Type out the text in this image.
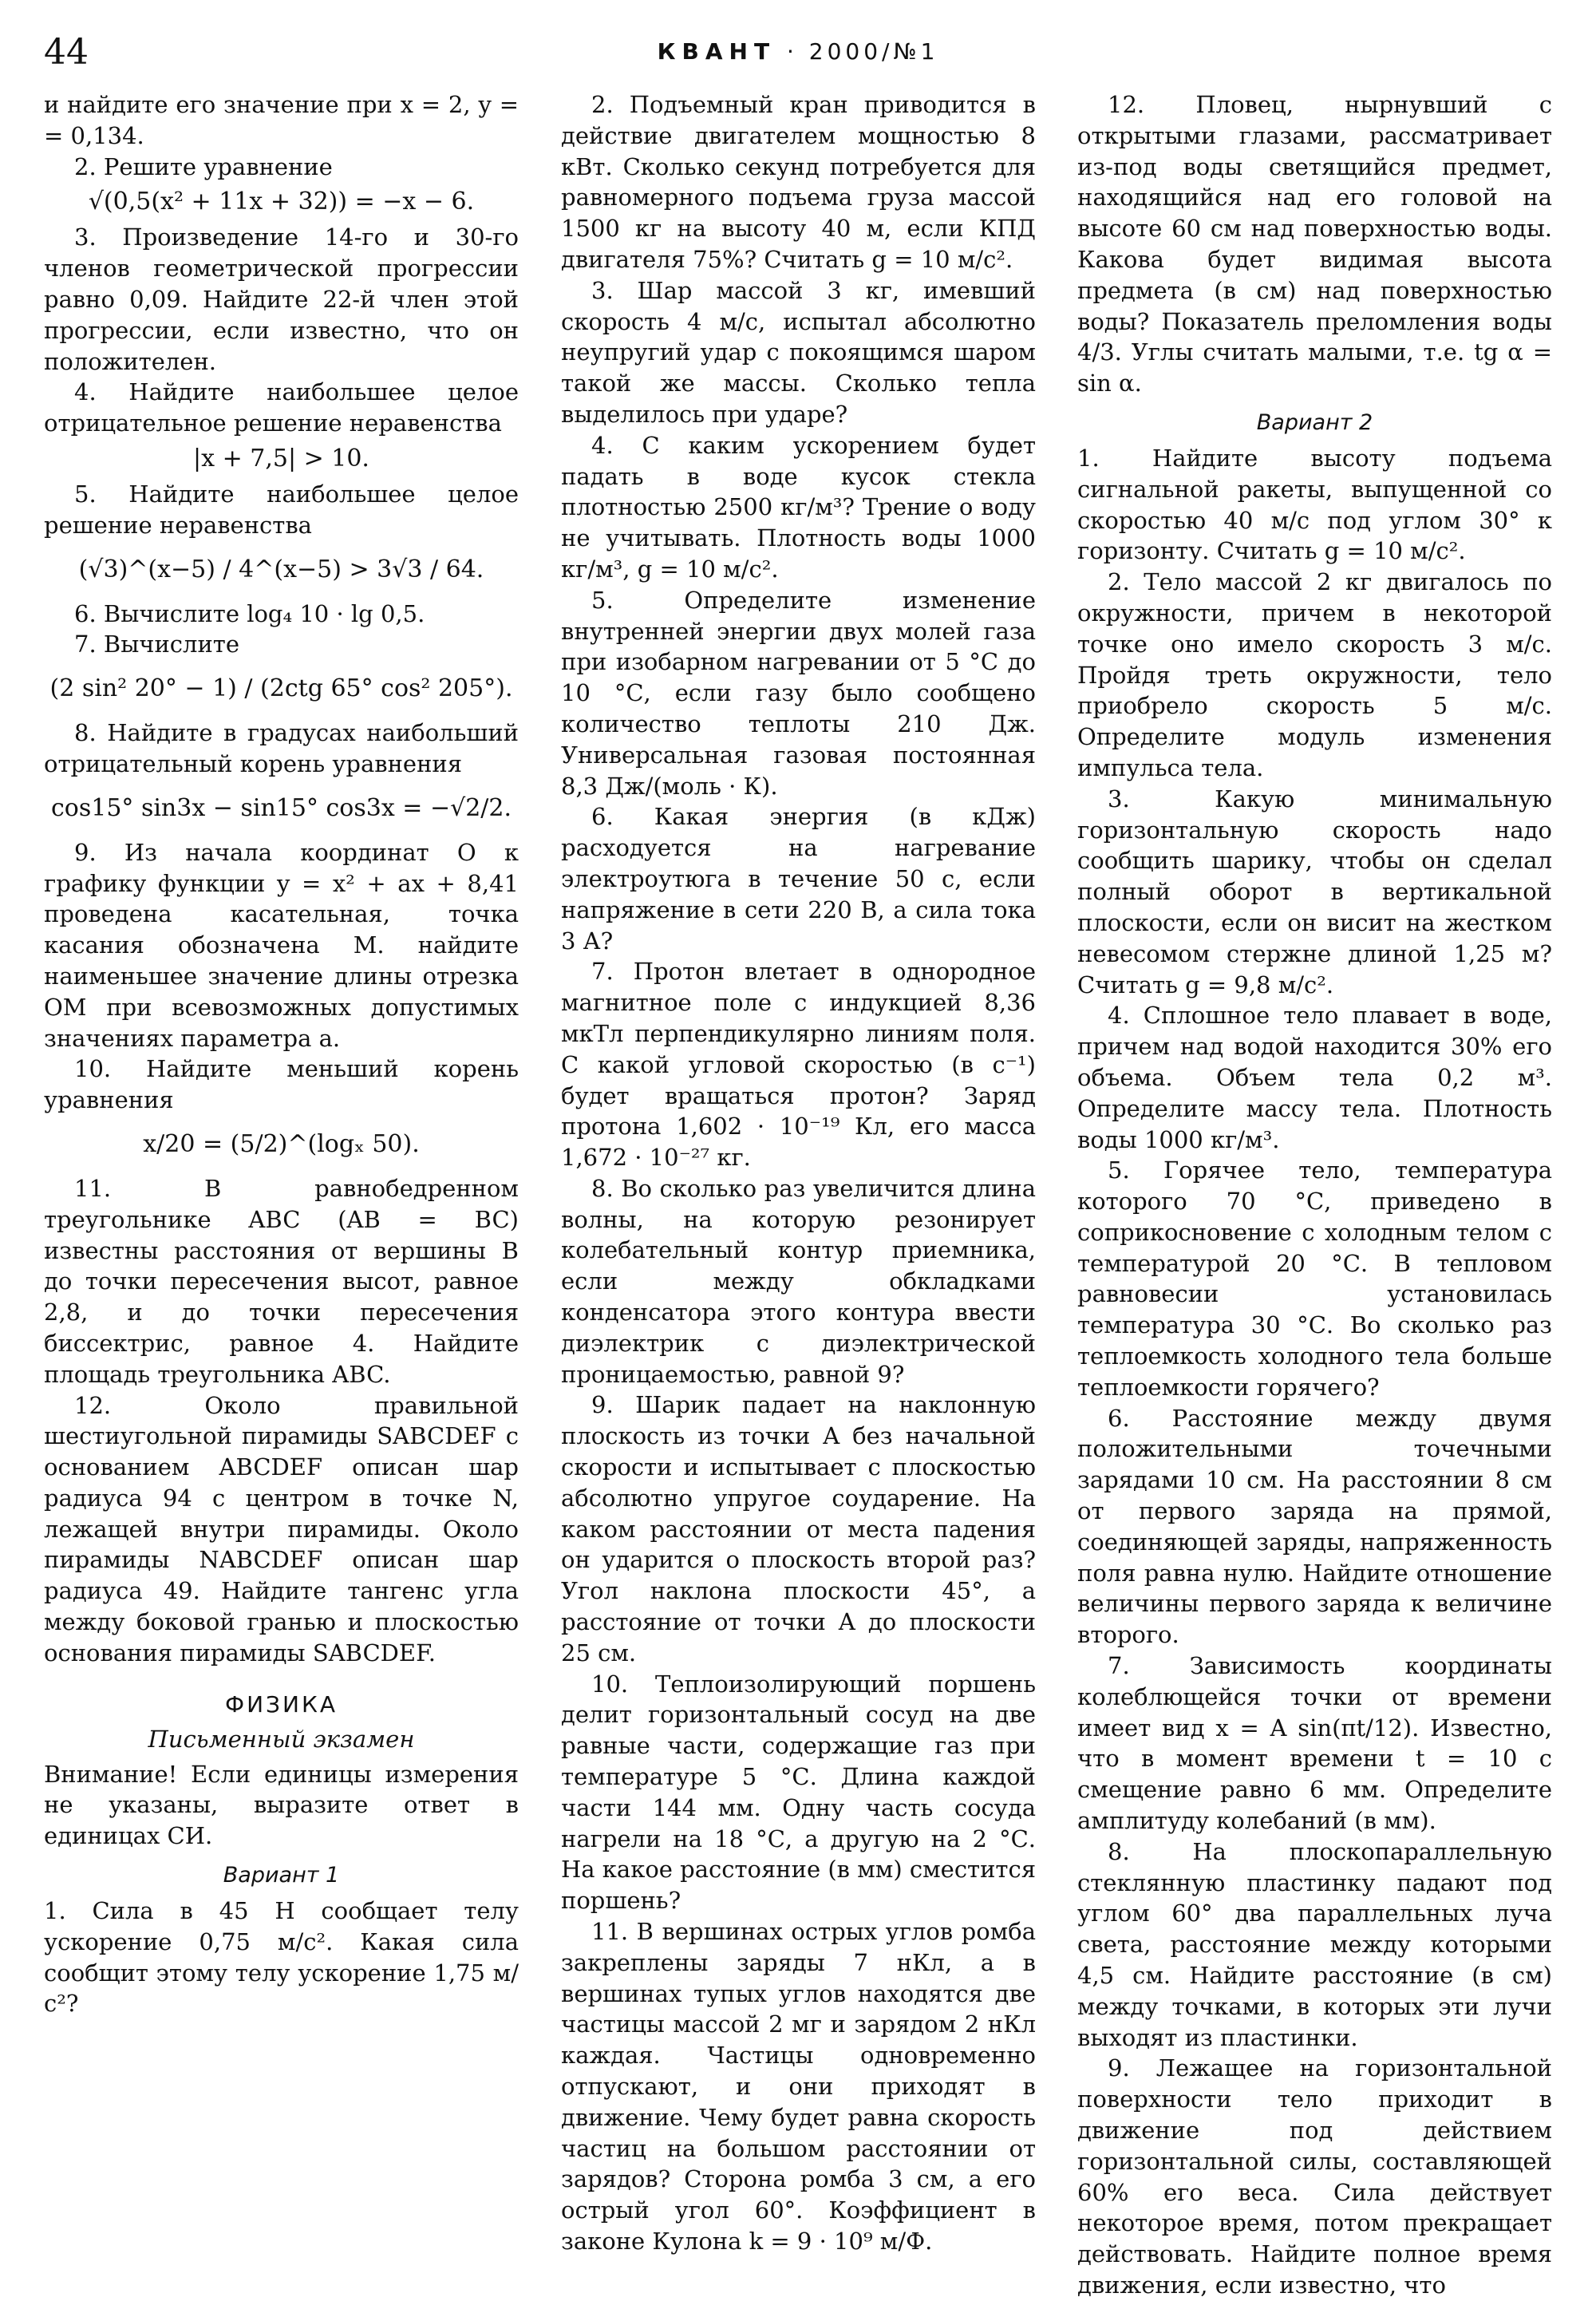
44	КВАНТ · 2000/№1

и найдите его значение при x = 2, y = = 0,134.

2. Решите уравнение

√(0,5(x² + 11x + 32)) = −x − 6.

3. Произведение 14-го и 30-го членов геометрической прогрессии равно 0,09. Найдите 22-й член этой прогрессии, если известно, что он положителен.

4. Найдите наибольшее целое отрицательное решение неравенства

|x + 7,5| > 10.

5. Найдите наибольшее целое решение неравенства

(√3)^(x−5) / 4^(x−5) > 3√3 / 64.

6. Вычислите log₄ 10 · lg 0,5.

7. Вычислите

(2 sin² 20° − 1) / (2ctg 65° cos² 205°).

8. Найдите в градусах наибольший отрицательный корень уравнения

cos15° sin3x − sin15° cos3x = −√2/2.

9. Из начала координат O к графику функции y = x² + ax + 8,41 проведена касательная, точка касания обозначена M. найдите наименьшее значение длины отрезка OM при всевозможных допустимых значениях параметра a.

10. Найдите меньший корень уравнения

x/20 = (5/2)^(logₓ 50).

11. В равнобедренном треугольнике ABC (AB = BC) известны расстояния от вершины B до точки пересечения высот, равное 2,8, и до точки пересечения биссектрис, равное 4. Найдите площадь треугольника ABC.

12. Около правильной шестиугольной пирамиды SABCDEF с основанием ABCDEF описан шар радиуса 94 с центром в точке N, лежащей внутри пирамиды. Около пирамиды NABCDEF описан шар радиуса 49. Найдите тангенс угла между боковой гранью и плоскостью основания пирамиды SABCDEF.

ФИЗИКА
Письменный экзамен

Внимание! Если единицы измерения не указаны, выразите ответ в единицах СИ.

Вариант 1

1. Сила в 45 Н сообщает телу ускорение 0,75 м/с². Какая сила сообщит этому телу ускорение 1,75 м/с²?

2. Подъемный кран приводится в действие двигателем мощностью 8 кВт. Сколько секунд потребуется для равномерного подъема груза массой 1500 кг на высоту 40 м, если КПД двигателя 75%? Считать g = 10 м/с².

3. Шар массой 3 кг, имевший скорость 4 м/с, испытал абсолютно неупругий удар с покоящимся шаром такой же массы. Сколько тепла выделилось при ударе?

4. С каким ускорением будет падать в воде кусок стекла плотностью 2500 кг/м³? Трение о воду не учитывать. Плотность воды 1000 кг/м³, g = 10 м/с².

5. Определите изменение внутренней энергии двух молей газа при изобарном нагревании от 5 °С до 10 °С, если газу было сообщено количество теплоты 210 Дж. Универсальная газовая постоянная 8,3 Дж/(моль · К).

6. Какая энергия (в кДж) расходуется на нагревание электроутюга в течение 50 с, если напряжение в сети 220 В, а сила тока 3 А?

7. Протон влетает в однородное магнитное поле с индукцией 8,36 мкТл перпендикулярно линиям поля. С какой угловой скоростью (в с⁻¹) будет вращаться протон? Заряд протона 1,602 · 10⁻¹⁹ Кл, его масса 1,672 · 10⁻²⁷ кг.

8. Во сколько раз увеличится длина волны, на которую резонирует колебательный контур приемника, если между обкладками конденсатора этого контура ввести диэлектрик с диэлектрической проницаемостью, равной 9?

9. Шарик падает на наклонную плоскость из точки A без начальной скорости и испытывает с плоскостью абсолютно упругое соударение. На каком расстоянии от места падения он ударится о плоскость второй раз? Угол наклона плоскости 45°, а расстояние от точки A до плоскости 25 см.

10. Теплоизолирующий поршень делит горизонтальный сосуд на две равные части, содержащие газ при температуре 5 °С. Длина каждой части 144 мм. Одну часть сосуда нагрели на 18 °С, а другую на 2 °С. На какое расстояние (в мм) сместится поршень?

11. В вершинах острых углов ромба закреплены заряды 7 нКл, а в вершинах тупых углов находятся две частицы массой 2 мг и зарядом 2 нКл каждая. Частицы одновременно отпускают, и они приходят в движение. Чему будет равна скорость частиц на большом расстоянии от зарядов? Сторона ромба 3 см, а его острый угол 60°. Коэффициент в законе Кулона k = 9 · 10⁹ м/Ф.

12. Пловец, нырнувший с открытыми глазами, рассматривает из-под воды светящийся предмет, находящийся над его головой на высоте 60 см над поверхностью воды. Какова будет видимая высота предмета (в см) над поверхностью воды? Показатель преломления воды 4/3. Углы считать малыми, т.е. tg α = sin α.

Вариант 2

1. Найдите высоту подъема сигнальной ракеты, выпущенной со скоростью 40 м/с под углом 30° к горизонту. Считать g = 10 м/с².

2. Тело массой 2 кг двигалось по окружности, причем в некоторой точке оно имело скорость 3 м/с. Пройдя треть окружности, тело приобрело скорость 5 м/с. Определите модуль изменения импульса тела.

3. Какую минимальную горизонтальную скорость надо сообщить шарику, чтобы он сделал полный оборот в вертикальной плоскости, если он висит на жестком невесомом стержне длиной 1,25 м? Считать g = 9,8 м/с².

4. Сплошное тело плавает в воде, причем над водой находится 30% его объема. Объем тела 0,2 м³. Определите массу тела. Плотность воды 1000 кг/м³.

5. Горячее тело, температура которого 70 °С, приведено в соприкосновение с холодным телом с температурой 20 °С. В тепловом равновесии установилась температура 30 °С. Во сколько раз теплоемкость холодного тела больше теплоемкости горячего?

6. Расстояние между двумя положительными точечными зарядами 10 см. На расстоянии 8 см от первого заряда на прямой, соединяющей заряды, напряженность поля равна нулю. Найдите отношение величины первого заряда к величине второго.

7. Зависимость координаты колеблющейся точки от времени имеет вид x = A sin(πt/12). Известно, что в момент времени t = 10 с смещение равно 6 мм. Определите амплитуду колебаний (в мм).

8. На плоскопараллельную стеклянную пластинку падают под углом 60° два параллельных луча света, расстояние между которыми 4,5 см. Найдите расстояние (в см) между точками, в которых эти лучи выходят из пластинки.

9. Лежащее на горизонтальной поверхности тело приходит в движение под действием горизонтальной силы, составляющей 60% его веса. Сила действует некоторое время, потом прекращает действовать. Найдите полное время движения, если известно, что
